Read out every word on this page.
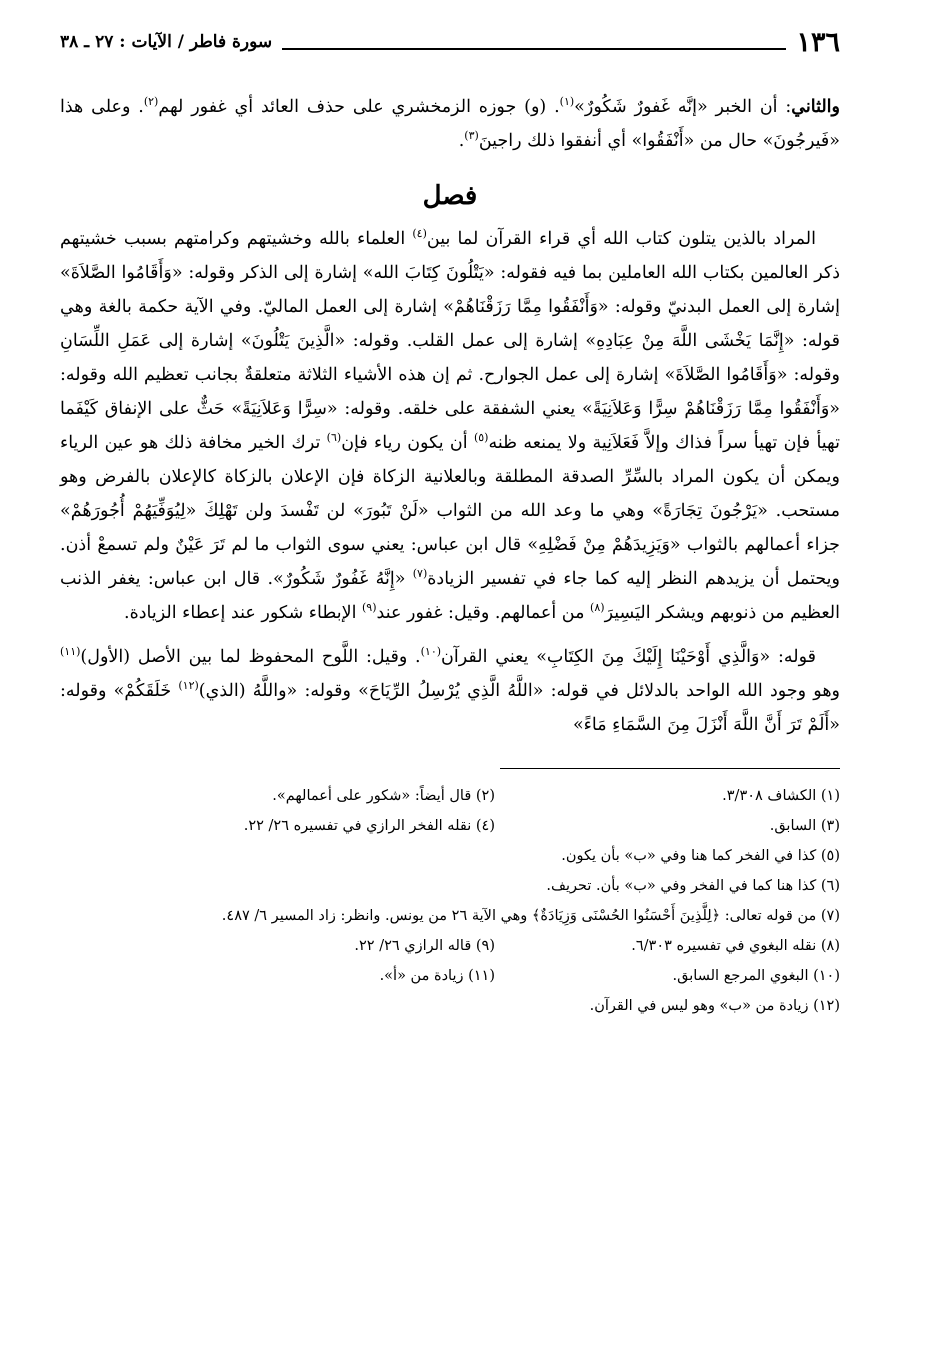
١٣٦
سورة فاطر / الآيات : ٢٧ ـ ٣٨

والثاني: أن الخبر «إنَّه غَفورٌ شَكُورٌ»$^{(١)}$. (و) جوزه الزمخشري على حذف العائد أي غفور لهم$^{(٢)}$. وعلى هذا «فَيرجُونَ» حال من «أَنْفَقُوا» أي أنفقوا ذلك راجينَ$^{(٣)}$.

فصل

المراد بالذين يتلون كتاب الله أي قراء القرآن لما بين$^{(٤)}$ العلماء بالله وخشيتهم وكرامتهم بسبب خشيتهم ذكر العالمين بكتاب الله العاملين بما فيه فقوله: «يَتْلُونَ كِتَابَ الله» إشارة إلى الذكر وقوله: «وَأَقَامُوا الصَّلاَةَ» إشارة إلى العمل البدنيّ وقوله: «وَأَنْفَقُوا مِمَّا رَزَقْنَاهُمْ» إشارة إلى العمل الماليّ. وفي الآية حكمة بالغة وهي قوله: «إِنَّمَا يَخْشَى اللَّهَ مِنْ عِبَادِهِ» إشارة إلى عمل القلب. وقوله: «الَّذِينَ يَتْلُونَ» إشارة إلى عَمَلِ اللِّسَانِ وقوله: «وَأَقَامُوا الصَّلاَةَ» إشارة إلى عمل الجوارح. ثم إن هذه الأشياء الثلاثة متعلقةٌ بجانب تعظيم الله وقوله: «وَأَنْفَقُوا مِمَّا رَزَقْنَاهُمْ سِرًّا وَعَلاَنِيَةً» يعني الشفقة على خلقه. وقوله: «سِرًّا وَعَلاَنِيَةً» حَثٌّ على الإنفاق كَيْفَما تهيأ فإن تهيأ سراً فذاك وإلاَّ فَعَلاَنِية ولا يمنعه ظنه$^{(٥)}$ أن يكون رياء فإن$^{(٦)}$ ترك الخير مخافة ذلك هو عين الرياء ويمكن أن يكون المراد بالسِّرِّ الصدقة المطلقة وبالعلانية الزكاة فإن الإعلان بالزكاة كالإعلان بالفرض وهو مستحب. «يَرْجُونَ تِجَارَةً» وهي ما وعد الله من الثواب «لَنْ تَبُورَ» لن تَفْسدَ ولن تَهْلِكَ «لِيُوَفِّيَهُمْ أُجُورَهُمْ» جزاء أعمالهم بالثواب «وَيَزِيدَهُمْ مِنْ فَضْلِهِ» قال ابن عباس: يعني سوى الثواب ما لم تَرَ عَيْنٌ ولم تسمعْ أذن. ويحتمل أن يزيدهم النظر إليه كما جاء في تفسير الزيادة$^{(٧)}$ «إِنَّهُ غَفُورٌ شَكُورٌ». قال ابن عباس: يغفر الذنب العظيم من ذنوبهم ويشكر اليَسِيرَ$^{(٨)}$ من أعمالهم. وقيل: غفور عند$^{(٩)}$ الإبطاء شكور عند إعطاء الزيادة.

قوله: «وَالَّذِي أَوْحَيْنَا إِلَيْكَ مِنَ الكِتَابِ» يعني القرآن$^{(١٠)}$. وقيل: اللَّوح المحفوظ لما بين الأصل (الأول)$^{(١١)}$ وهو وجود الله الواحد بالدلائل في قوله: «اللَّهُ الَّذِي يُرْسِلُ الرِّيَاحَ» وقوله: «واللَّهُ (الذي)$^{(١٢)}$ خَلَقَكُمْ» وقوله: «أَلَمْ تَرَ أَنَّ اللَّهَ أَنْزَلَ مِنَ السَّمَاءِ مَاءً»

(١) الكشاف ٣/٣٠٨.
(٢) قال أيضاً: «شكور على أعمالهم».
(٣) السابق.
(٤) نقله الفخر الرازي في تفسيره ٢٦/ ٢٢.
(٥) كذا في الفخر كما هنا وفي «ب» بأن يكون.
(٦) كذا هنا كما في الفخر وفي «ب» بأن. تحريف.
(٧) من قوله تعالى: ﴿لِلَّذِينَ أَحْسَنُوا الحُسْنَى وَزِيَادَةٌ﴾ وهي الآية ٢٦ من يونس. وانظر: زاد المسير ٦/ ٤٨٧.
(٨) نقله البغوي في تفسيره ٦/٣٠٣.
(٩) قاله الرازي ٢٦/ ٢٢.
(١٠) البغوي المرجع السابق.
(١١) زيادة من «أ».
(١٢) زيادة من «ب» وهو ليس في القرآن.
